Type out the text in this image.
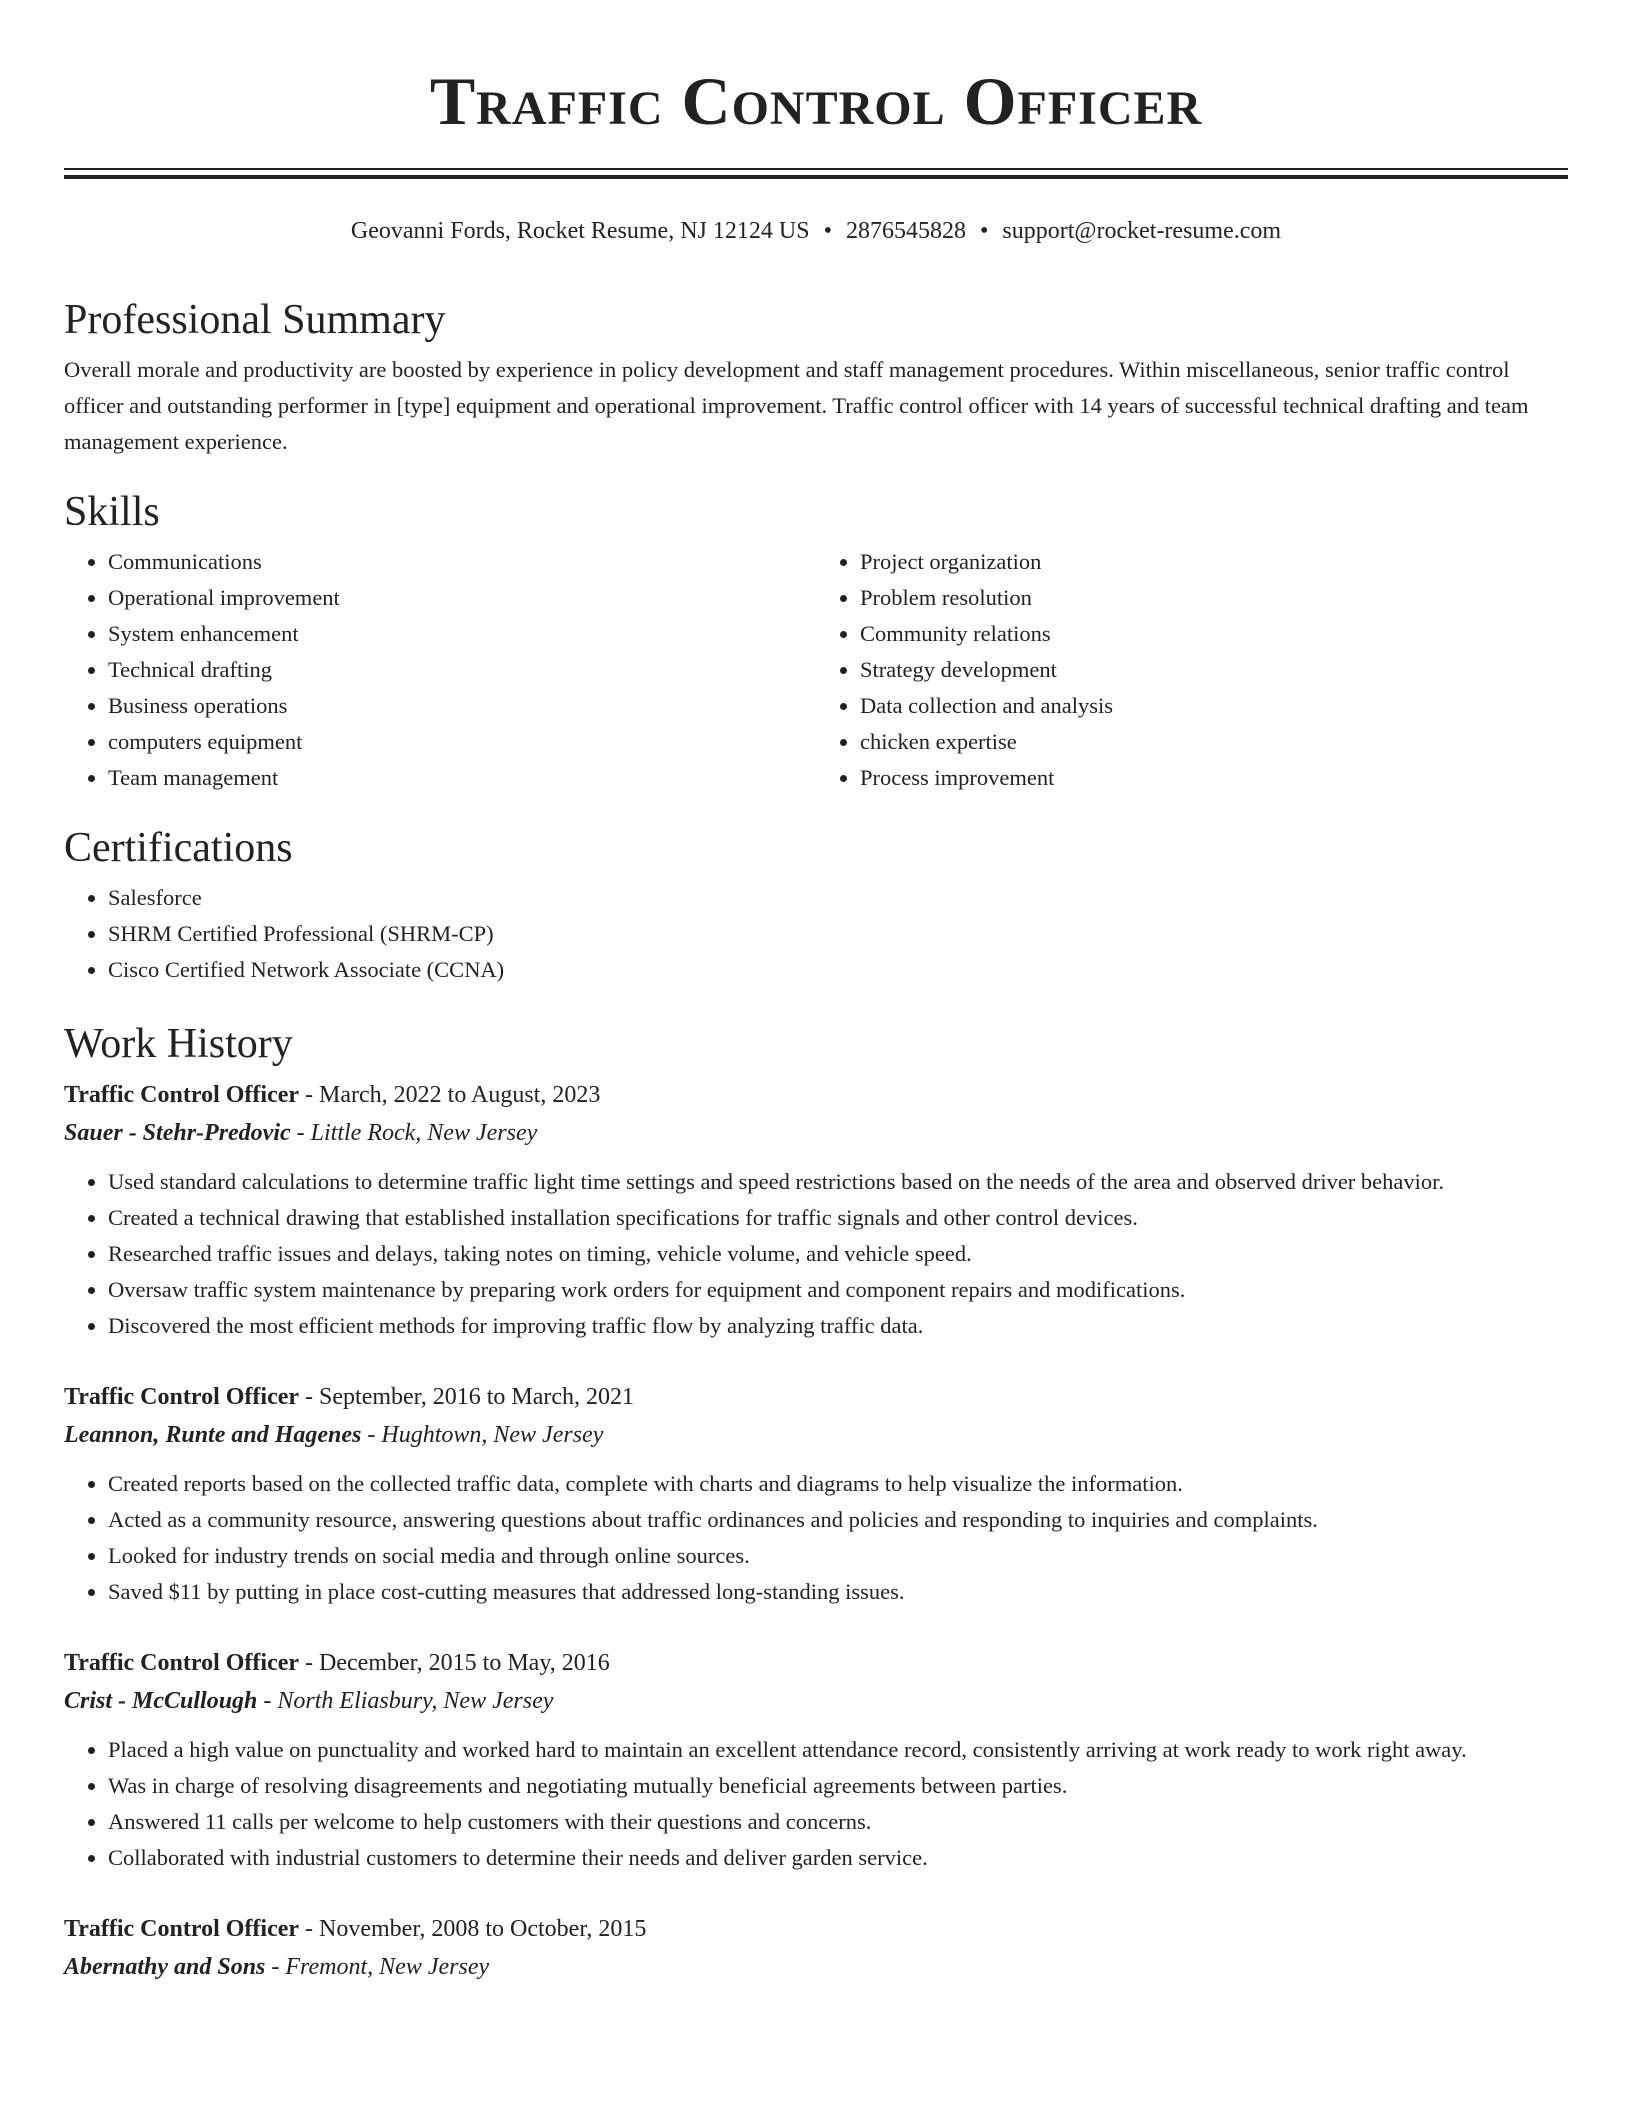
Traffic Control Officer
Geovanni Fords, Rocket Resume, NJ 12124 US • 2876545828 • support@rocket-resume.com
Professional Summary

Overall morale and productivity are boosted by experience in policy development and staff management procedures. Within miscellaneous, senior traffic control officer and outstanding performer in [type] equipment and operational improvement. Traffic control officer with 14 years of successful technical drafting and team management experience.

Skills
• Communications
• Operational improvement
• System enhancement
• Technical drafting
• Business operations
• computers equipment
• Team management
• Project organization
• Problem resolution
• Community relations
• Strategy development
• Data collection and analysis
• chicken expertise
• Process improvement
Certifications
• Salesforce
• SHRM Certified Professional (SHRM-CP)
• Cisco Certified Network Associate (CCNA)
Work History
Traffic Control Officer - March, 2022 to August, 2023
Sauer - Stehr-Predovic - Little Rock, New Jersey
• Used standard calculations to determine traffic light time settings and speed restrictions based on the needs of the area and observed driver behavior.
• Created a technical drawing that established installation specifications for traffic signals and other control devices.
• Researched traffic issues and delays, taking notes on timing, vehicle volume, and vehicle speed.
• Oversaw traffic system maintenance by preparing work orders for equipment and component repairs and modifications.
• Discovered the most efficient methods for improving traffic flow by analyzing traffic data.
Traffic Control Officer - September, 2016 to March, 2021
Leannon, Runte and Hagenes - Hughtown, New Jersey
• Created reports based on the collected traffic data, complete with charts and diagrams to help visualize the information.
• Acted as a community resource, answering questions about traffic ordinances and policies and responding to inquiries and complaints.
• Looked for industry trends on social media and through online sources.
• Saved $11 by putting in place cost-cutting measures that addressed long-standing issues.
Traffic Control Officer - December, 2015 to May, 2016
Crist - McCullough - North Eliasbury, New Jersey
• Placed a high value on punctuality and worked hard to maintain an excellent attendance record, consistently arriving at work ready to work right away.
• Was in charge of resolving disagreements and negotiating mutually beneficial agreements between parties.
• Answered 11 calls per welcome to help customers with their questions and concerns.
• Collaborated with industrial customers to determine their needs and deliver garden service.
Traffic Control Officer - November, 2008 to October, 2015
Abernathy and Sons - Fremont, New Jersey
